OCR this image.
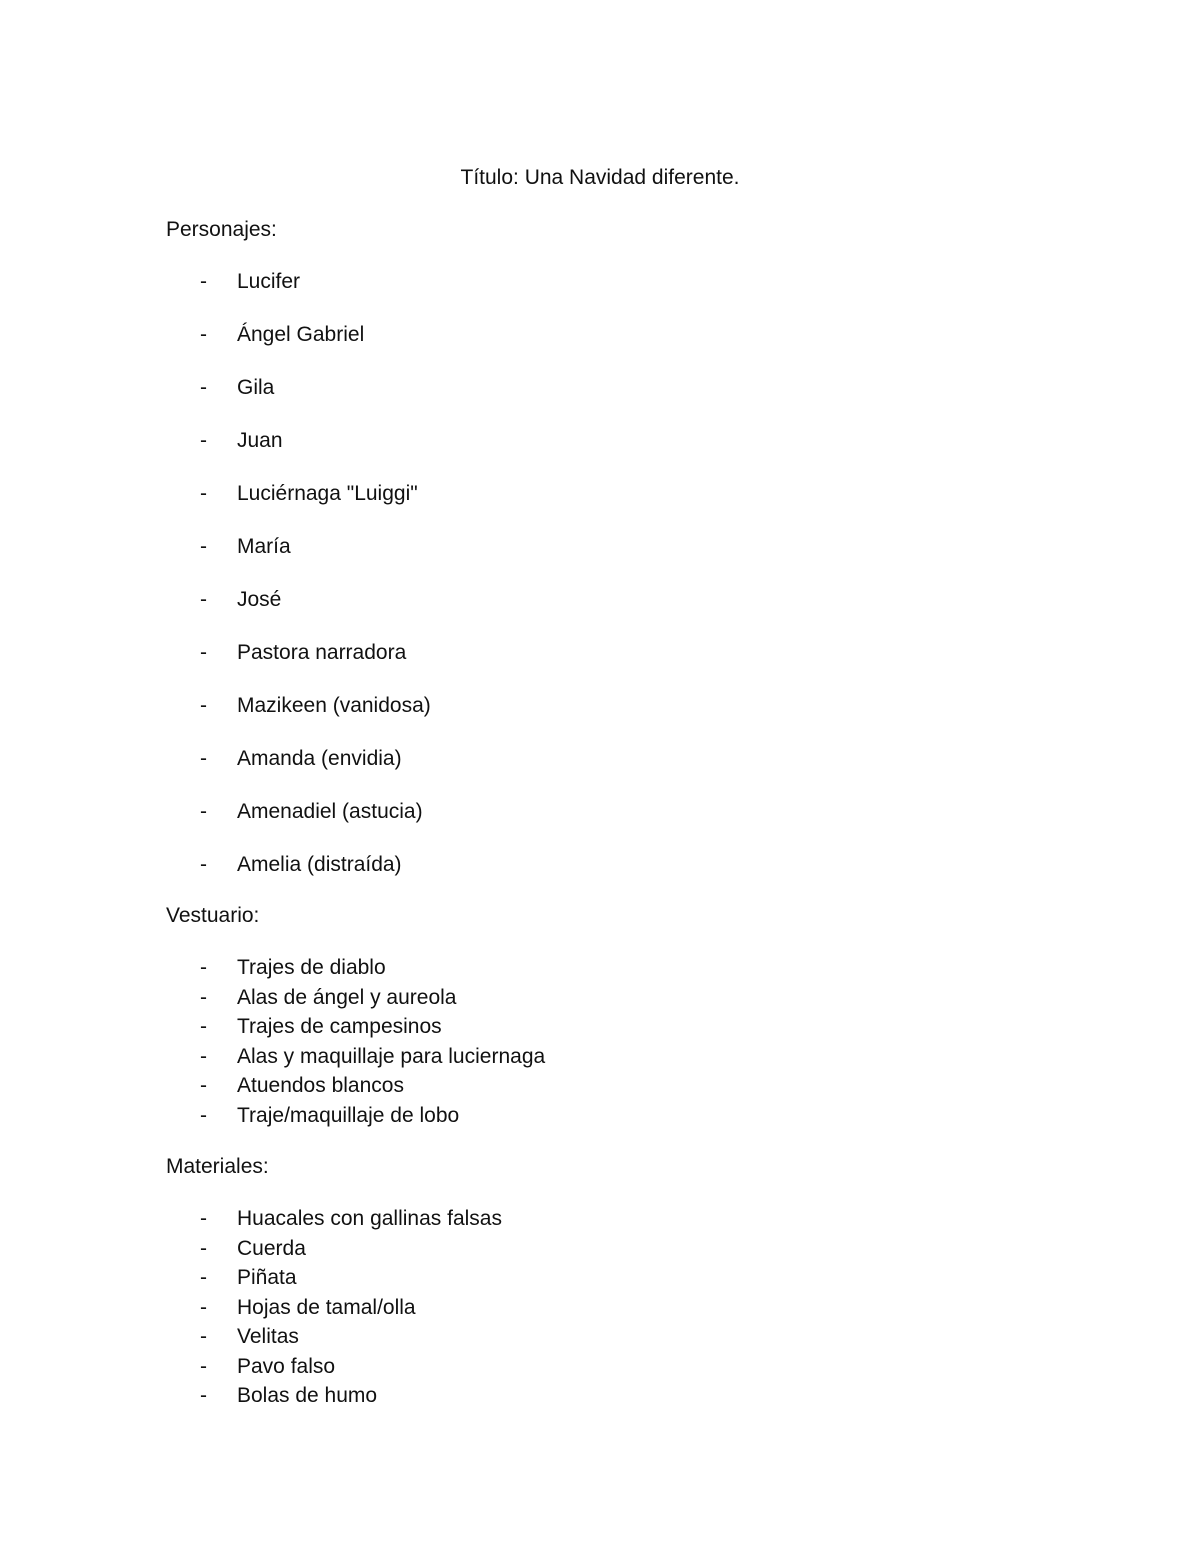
Título: Una Navidad diferente.
Personajes:
- Lucifer
- Ángel Gabriel
- Gila
- Juan
- Luciérnaga "Luiggi"
- María
- José
- Pastora narradora
- Mazikeen (vanidosa)
- Amanda (envidia)
- Amenadiel (astucia)
- Amelia (distraída)
Vestuario:
- Trajes de diablo
- Alas de ángel y aureola
- Trajes de campesinos
- Alas y maquillaje para luciernaga
- Atuendos blancos
- Traje/maquillaje de lobo
Materiales:
- Huacales con gallinas falsas
- Cuerda
- Piñata
- Hojas de tamal/olla
- Velitas
- Pavo falso
- Bolas de humo
